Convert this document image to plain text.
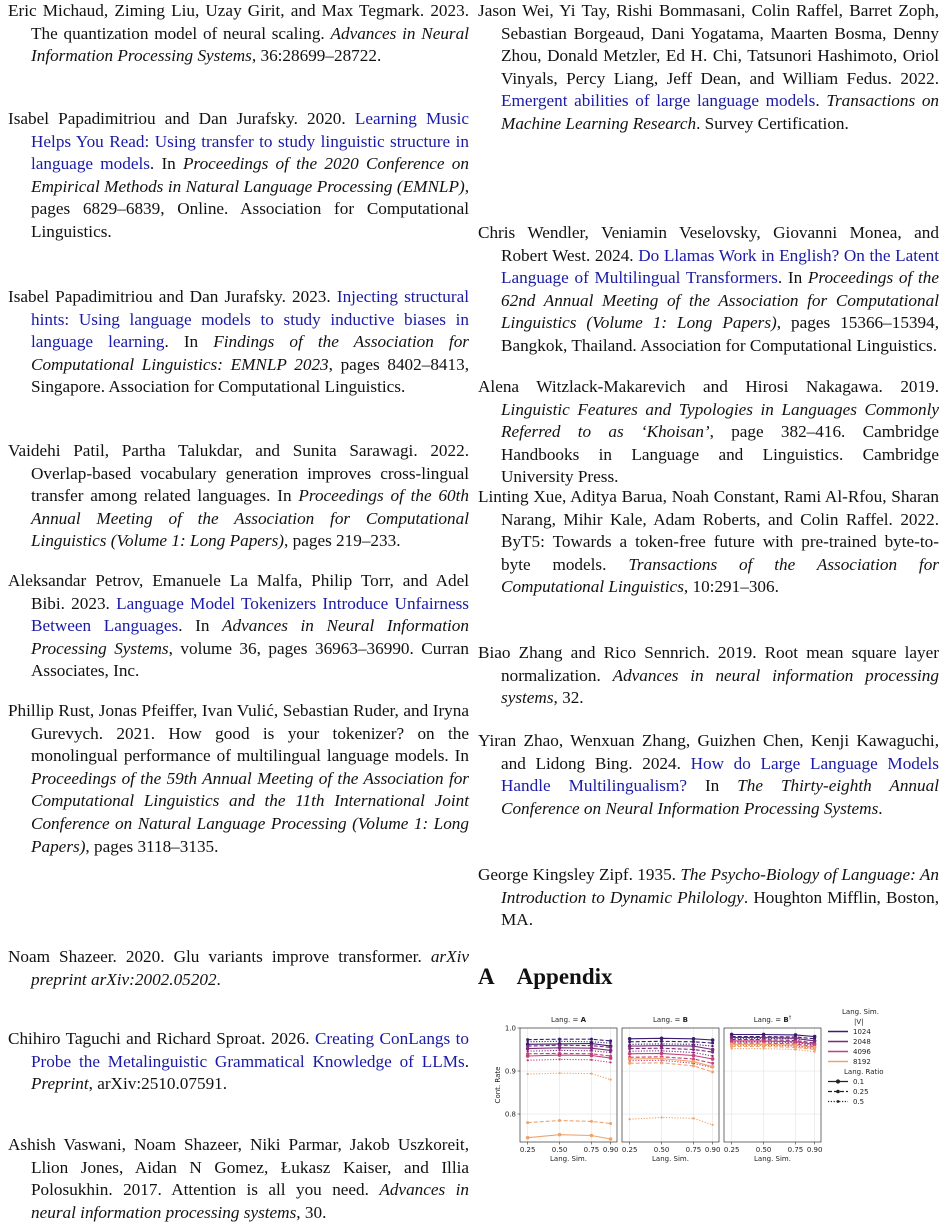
Eric Michaud, Ziming Liu, Uzay Girit, and Max Tegmark. 2023. The quantization model of neural scaling. Advances in Neural Information Processing Systems, 36:28699–28722.

Isabel Papadimitriou and Dan Jurafsky. 2020. Learning Music Helps You Read: Using transfer to study linguistic structure in language models. In Proceedings of the 2020 Conference on Empirical Methods in Natural Language Processing (EMNLP), pages 6829–6839, Online. Association for Computational Linguistics.

Isabel Papadimitriou and Dan Jurafsky. 2023. Injecting structural hints: Using language models to study inductive biases in language learning. In Findings of the Association for Computational Linguistics: EMNLP 2023, pages 8402–8413, Singapore. Association for Computational Linguistics.

Vaidehi Patil, Partha Talukdar, and Sunita Sarawagi. 2022. Overlap-based vocabulary generation improves cross-lingual transfer among related languages. In Proceedings of the 60th Annual Meeting of the Association for Computational Linguistics (Volume 1: Long Papers), pages 219–233.

Aleksandar Petrov, Emanuele La Malfa, Philip Torr, and Adel Bibi. 2023. Language Model Tokenizers Introduce Unfairness Between Languages. In Advances in Neural Information Processing Systems, volume 36, pages 36963–36990. Curran Associates, Inc.

Phillip Rust, Jonas Pfeiffer, Ivan Vulić, Sebastian Ruder, and Iryna Gurevych. 2021. How good is your tokenizer? on the monolingual performance of multilingual language models. In Proceedings of the 59th Annual Meeting of the Association for Computational Linguistics and the 11th International Joint Conference on Natural Language Processing (Volume 1: Long Papers), pages 3118–3135.

Noam Shazeer. 2020. Glu variants improve transformer. arXiv preprint arXiv:2002.05202.

Chihiro Taguchi and Richard Sproat. 2026. Creating ConLangs to Probe the Metalinguistic Grammatical Knowledge of LLMs. Preprint, arXiv:2510.07591.

Ashish Vaswani, Noam Shazeer, Niki Parmar, Jakob Uszkoreit, Llion Jones, Aidan N Gomez, Łukasz Kaiser, and Illia Polosukhin. 2017. Attention is all you need. Advances in neural information processing systems, 30.

Jason Wei, Yi Tay, Rishi Bommasani, Colin Raffel, Barret Zoph, Sebastian Borgeaud, Dani Yogatama, Maarten Bosma, Denny Zhou, Donald Metzler, Ed H. Chi, Tatsunori Hashimoto, Oriol Vinyals, Percy Liang, Jeff Dean, and William Fedus. 2022. Emergent abilities of large language models. Transactions on Machine Learning Research. Survey Certification.

Chris Wendler, Veniamin Veselovsky, Giovanni Monea, and Robert West. 2024. Do Llamas Work in English? On the Latent Language of Multilingual Transformers. In Proceedings of the 62nd Annual Meeting of the Association for Computational Linguistics (Volume 1: Long Papers), pages 15366–15394, Bangkok, Thailand. Association for Computational Linguistics.

Alena Witzlack-Makarevich and Hirosi Nakagawa. 2019. Linguistic Features and Typologies in Languages Commonly Referred to as ‘Khoisan’, page 382–416. Cambridge Handbooks in Language and Linguistics. Cambridge University Press.

Linting Xue, Aditya Barua, Noah Constant, Rami Al-Rfou, Sharan Narang, Mihir Kale, Adam Roberts, and Colin Raffel. 2022. ByT5: Towards a token-free future with pre-trained byte-to-byte models. Transactions of the Association for Computational Linguistics, 10:291–306.

Biao Zhang and Rico Sennrich. 2019. Root mean square layer normalization. Advances in neural information processing systems, 32.

Yiran Zhao, Wenxuan Zhang, Guizhen Chen, Kenji Kawaguchi, and Lidong Bing. 2024. How do Large Language Models Handle Multilingualism? In The Thirty-eighth Annual Conference on Neural Information Processing Systems.

George Kingsley Zipf. 1935. The Psycho-Biology of Language: An Introduction to Dynamic Philology. Houghton Mifflin, Boston, MA.

A Appendix
Lang. = A
0.25 0.50 0.75 0.90
Lang. Sim.
Lang. = B
0.25 0.50 0.75 0.90
Lang. Sim.
Lang. = B†
0.25 0.50 0.75 0.90
Lang. Sim.
0.8
0.9
1.0
Cont. Rate
Lang. Sim.
|V|
1024
2048
4096
8192
Lang. Ratio
0.1
0.25
0.5
